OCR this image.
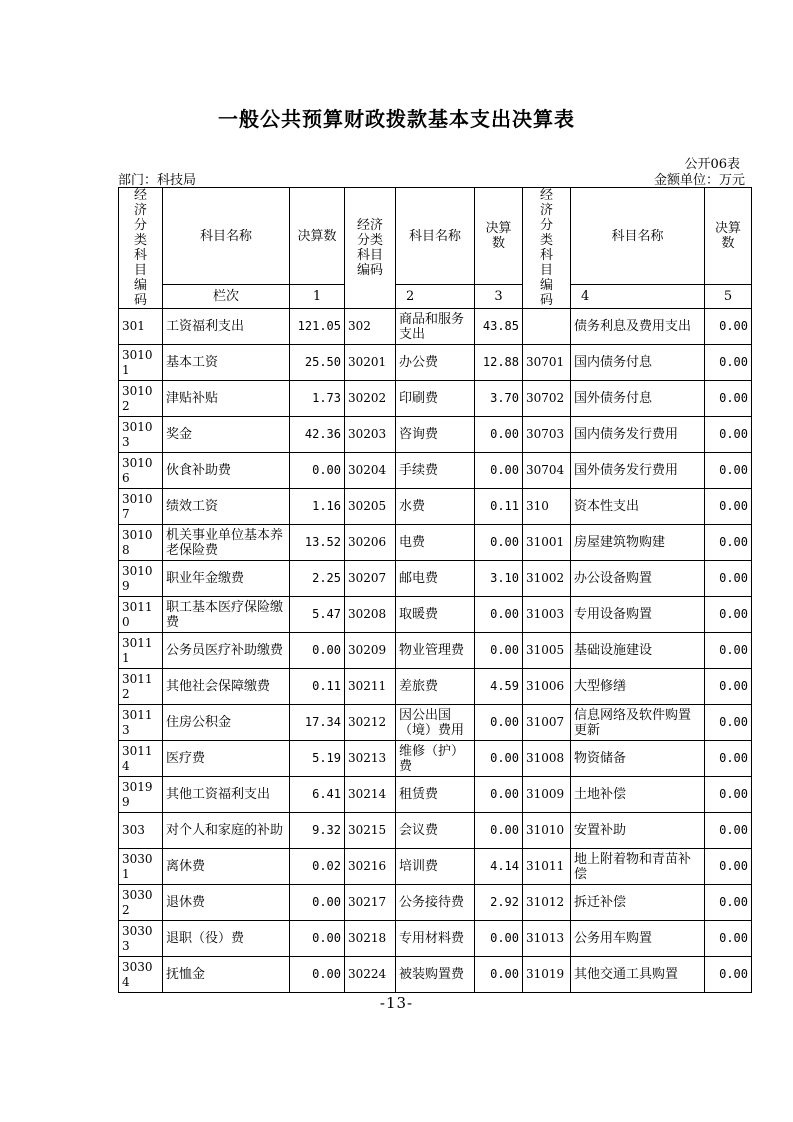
一般公共预算财政拨款基本支出决算表
公开06表
部门：科技局	金额单位：万元
经济分类科目编码	科目名称	决算数	经济分类科目编码	科目名称	决算数	经济分类科目编码	科目名称	决算数
	栏次	1		2	3		4	5
301	工资福利支出	121.05	302	商品和服务支出	43.85		债务利息及费用支出	0.00
30101	基本工资	25.50	30201	办公费	12.88	30701	国内债务付息	0.00
30102	津贴补贴	1.73	30202	印刷费	3.70	30702	国外债务付息	0.00
30103	奖金	42.36	30203	咨询费	0.00	30703	国内债务发行费用	0.00
30106	伙食补助费	0.00	30204	手续费	0.00	30704	国外债务发行费用	0.00
30107	绩效工资	1.16	30205	水费	0.11	310	资本性支出	0.00
30108	机关事业单位基本养老保险费	13.52	30206	电费	0.00	31001	房屋建筑物购建	0.00
30109	职业年金缴费	2.25	30207	邮电费	3.10	31002	办公设备购置	0.00
30110	职工基本医疗保险缴费	5.47	30208	取暖费	0.00	31003	专用设备购置	0.00
30111	公务员医疗补助缴费	0.00	30209	物业管理费	0.00	31005	基础设施建设	0.00
30112	其他社会保障缴费	0.11	30211	差旅费	4.59	31006	大型修缮	0.00
30113	住房公积金	17.34	30212	因公出国（境）费用	0.00	31007	信息网络及软件购置更新	0.00
30114	医疗费	5.19	30213	维修（护）费	0.00	31008	物资储备	0.00
30199	其他工资福利支出	6.41	30214	租赁费	0.00	31009	土地补偿	0.00
303	对个人和家庭的补助	9.32	30215	会议费	0.00	31010	安置补助	0.00
30301	离休费	0.02	30216	培训费	4.14	31011	地上附着物和青苗补偿	0.00
30302	退休费	0.00	30217	公务接待费	2.92	31012	拆迁补偿	0.00
30303	退职（役）费	0.00	30218	专用材料费	0.00	31013	公务用车购置	0.00
30304	抚恤金	0.00	30224	被装购置费	0.00	31019	其他交通工具购置	0.00
-13-
